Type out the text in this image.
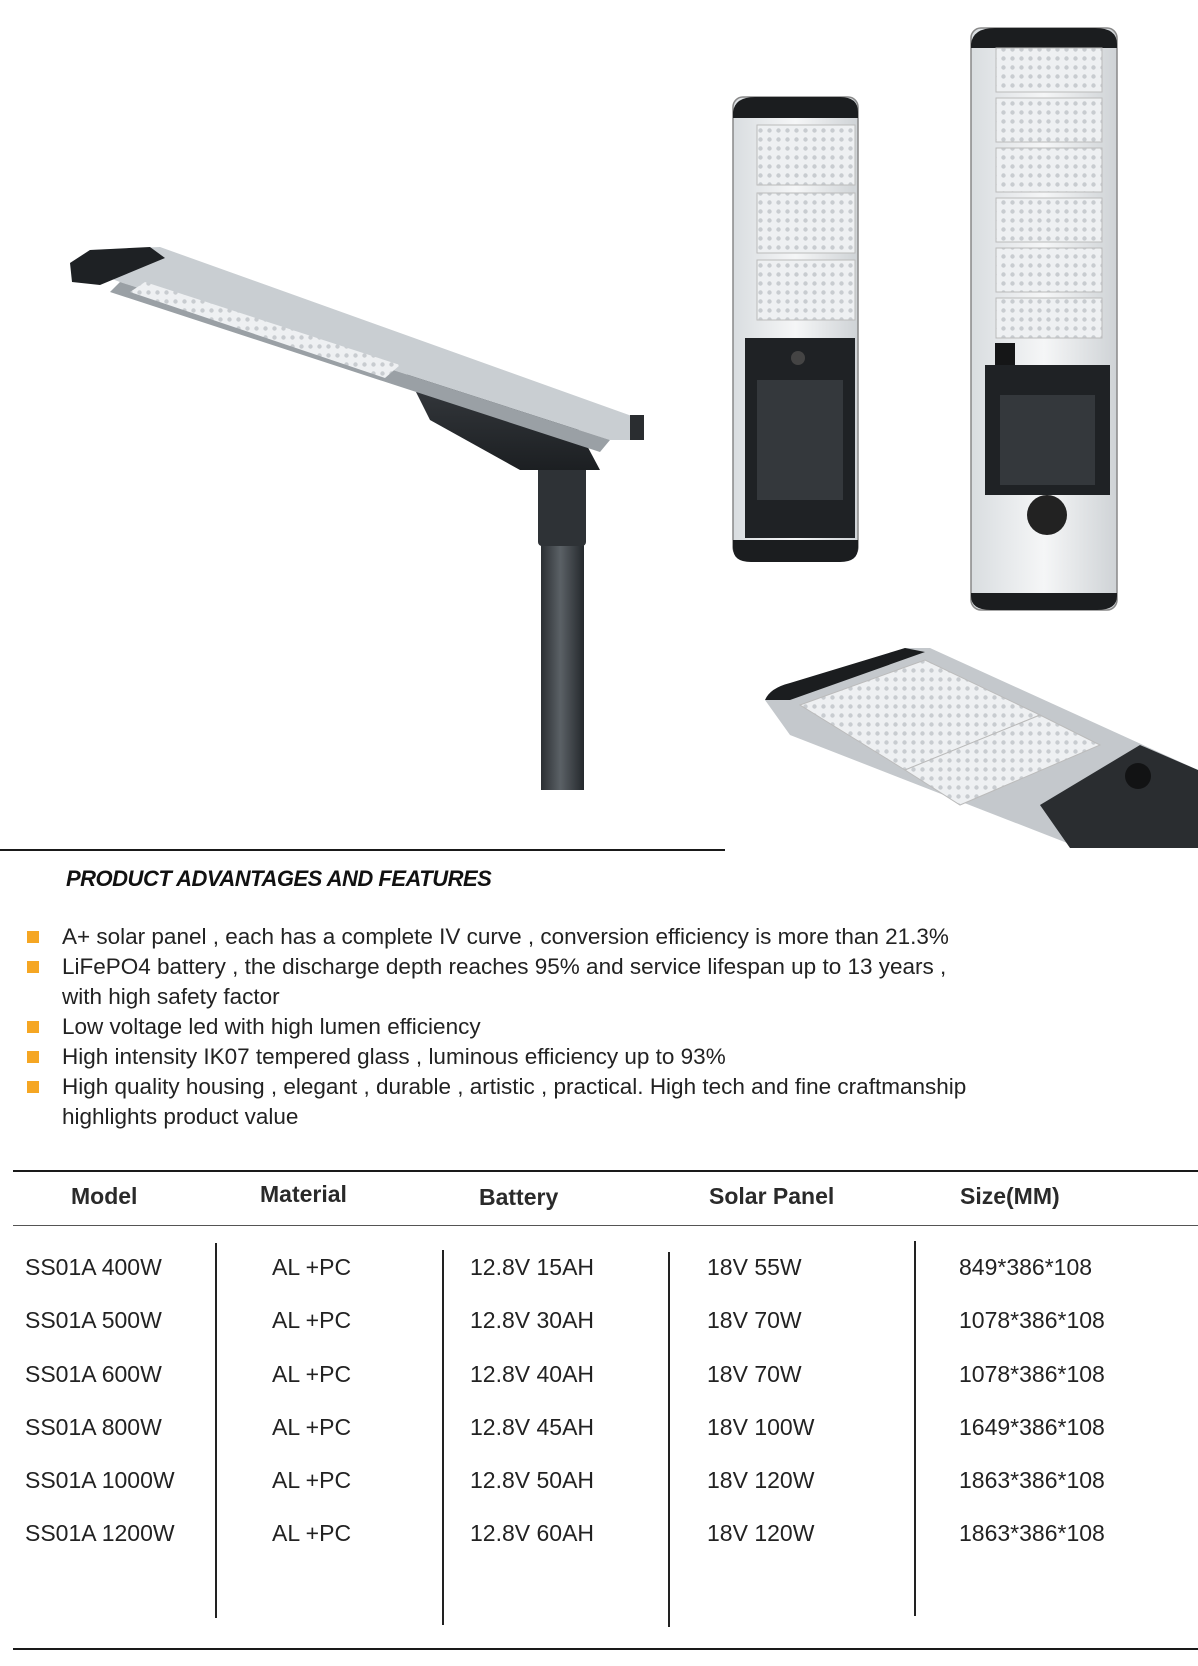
PRODUCT ADVANTAGES AND FEATURES
A+ solar panel , each has a complete IV curve , conversion efficiency is more than 21.3%
LiFePO4 battery , the discharge depth reaches 95% and service lifespan up to 13 years ,
with high safety factor
Low voltage led with high lumen efficiency
High intensity IK07 tempered glass , luminous efficiency up to 93%
High quality housing , elegant , durable , artistic , practical. High tech and fine craftmanship
highlights product value
Model	Material	Battery	Solar Panel	Size(MM)
SS01A 400W	AL +PC	12.8V 15AH	18V 55W	849*386*108
SS01A 500W	AL +PC	12.8V 30AH	18V 70W	1078*386*108
SS01A 600W	AL +PC	12.8V 40AH	18V 70W	1078*386*108
SS01A 800W	AL +PC	12.8V 45AH	18V 100W	1649*386*108
SS01A 1000W	AL +PC	12.8V 50AH	18V 120W	1863*386*108
SS01A 1200W	AL +PC	12.8V 60AH	18V 120W	1863*386*108
